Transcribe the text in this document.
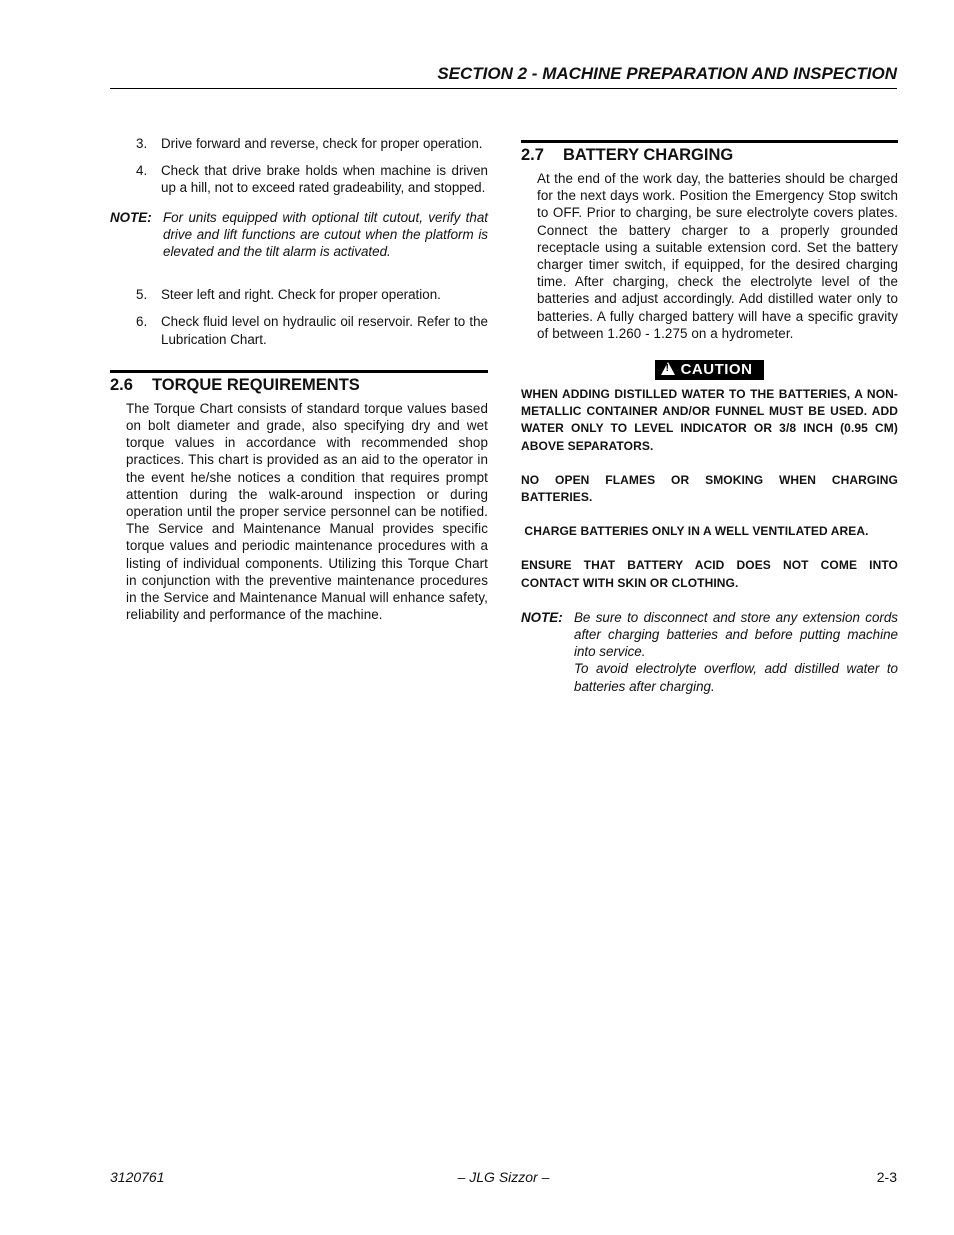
SECTION 2 - MACHINE PREPARATION AND INSPECTION
3.	Drive forward and reverse, check for proper operation.
4.	Check that drive brake holds when machine is driven up a hill, not to exceed rated gradeability, and stopped.
NOTE: For units equipped with optional tilt cutout, verify that drive and lift functions are cutout when the platform is elevated and the tilt alarm is activated.
5.	Steer left and right. Check for proper operation.
6.	Check fluid level on hydraulic oil reservoir. Refer to the Lubrication Chart.
2.6 TORQUE REQUIREMENTS
The Torque Chart consists of standard torque values based on bolt diameter and grade, also specifying dry and wet torque values in accordance with recommended shop practices. This chart is provided as an aid to the operator in the event he/she notices a condition that requires prompt attention during the walk-around inspection or during operation until the proper service personnel can be notified. The Service and Maintenance Manual provides specific torque values and periodic maintenance procedures with a listing of individual components. Utilizing this Torque Chart in conjunction with the preventive maintenance procedures in the Service and Maintenance Manual will enhance safety, reliability and performance of the machine.
2.7 BATTERY CHARGING
At the end of the work day, the batteries should be charged for the next days work. Position the Emergency Stop switch to OFF. Prior to charging, be sure electrolyte covers plates. Connect the battery charger to a properly grounded receptacle using a suitable extension cord. Set the battery charger timer switch, if equipped, for the desired charging time. After charging, check the electrolyte level of the batteries and adjust accordingly. Add distilled water only to batteries. A fully charged battery will have a specific gravity of between 1.260 - 1.275 on a hydrometer.
! CAUTION

WHEN ADDING DISTILLED WATER TO THE BATTERIES, A NON-METALLIC CONTAINER AND/OR FUNNEL MUST BE USED. ADD WATER ONLY TO LEVEL INDICATOR OR 3/8 INCH (0.95 CM) ABOVE SEPARATORS.

NO OPEN FLAMES OR SMOKING WHEN CHARGING BATTERIES.

CHARGE BATTERIES ONLY IN A WELL VENTILATED AREA.

ENSURE THAT BATTERY ACID DOES NOT COME INTO CONTACT WITH SKIN OR CLOTHING.

NOTE: Be sure to disconnect and store any extension cords after charging batteries and before putting machine into service.

To avoid electrolyte overflow, add distilled water to batteries after charging.

3120761	– JLG Sizzor –	2-3
